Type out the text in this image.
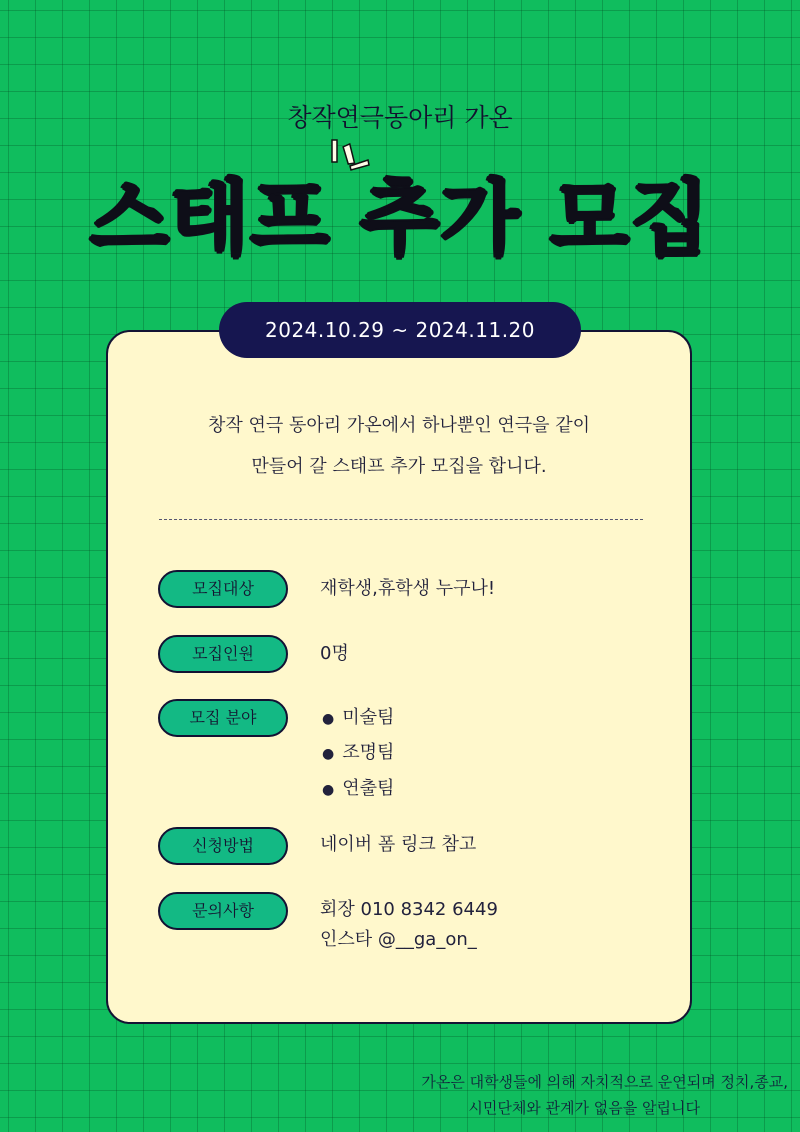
창작연극동아리 가온
스태프 추가 모집
2024.10.29 ~ 2024.11.20
창작 연극 동아리 가온에서 하나뿐인 연극을 같이
만들어 갈 스태프 추가 모집을 합니다.
모집대상	재학생,휴학생 누구나!
모집인원	0명
모집 분야	● 미술팀
● 조명팀
● 연출팀
신청방법	네이버 폼 링크 참고
문의사항	회장 010 8342 6449
인스타 @__ga_on_
가온은 대학생들에 의해 자치적으로 운연되며 정치,종교,
시민단체와 관계가 없음을 알립니다
